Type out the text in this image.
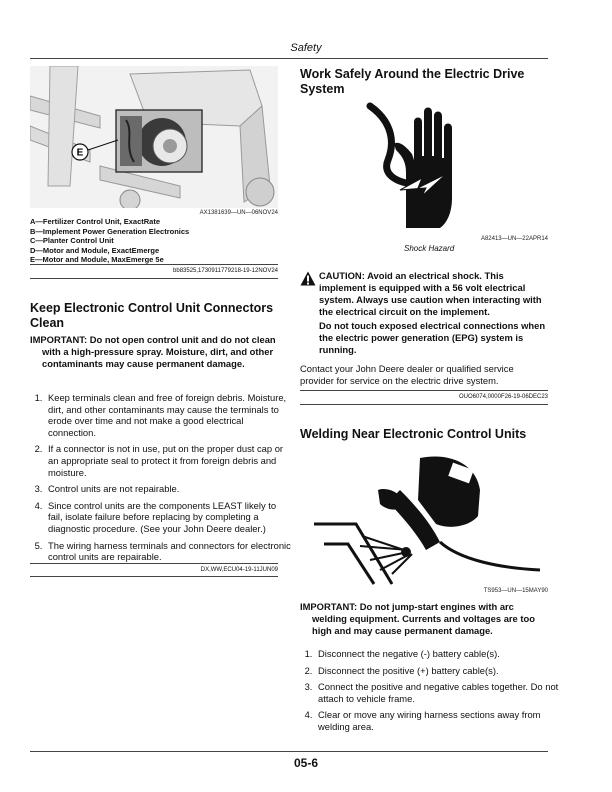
Safety
E
AX1381639—UN—06NOV24
A—Fertilizer Control Unit, ExactRate
B—Implement Power Generation Electronics
C—Planter Control Unit
D—Motor and Module, ExactEmerge
E—Motor and Module, MaxEmerge 5e
bb83525,1730911779218-19-12NOV24
Keep Electronic Control Unit Connectors Clean
IMPORTANT: Do not open control unit and do not clean with a high-pressure spray. Moisture, dirt, and other contaminants may cause permanent damage.
1. Keep terminals clean and free of foreign debris. Moisture, dirt, and other contaminants may cause the terminals to erode over time and not make a good electrical connection.
2. If a connector is not in use, put on the proper dust cap or an appropriate seal to protect it from foreign debris and moisture.
3. Control units are not repairable.
4. Since control units are the components LEAST likely to fail, isolate failure before replacing by completing a diagnostic procedure. (See your John Deere dealer.)
5. The wiring harness terminals and connectors for electronic control units are repairable.
DX,WW,ECU04-19-11JUN09
Work Safely Around the Electric Drive System
Shock Hazard
A82413—UN—22APR14
CAUTION: Avoid an electrical shock. This implement is equipped with a 56 volt electrical system. Always use caution when interacting with the electrical circuit on the implement.
Do not touch exposed electrical connections when the electric power generation (EPG) system is running.
Contact your John Deere dealer or qualified service provider for service on the electric drive system.
OUO6074,0000F26-19-06DEC23
Welding Near Electronic Control Units
TS953—UN—15MAY90
IMPORTANT: Do not jump-start engines with arc welding equipment. Currents and voltages are too high and may cause permanent damage.
1. Disconnect the negative (-) battery cable(s).
2. Disconnect the positive (+) battery cable(s).
3. Connect the positive and negative cables together. Do not attach to vehicle frame.
4. Clear or move any wiring harness sections away from welding area.
05-6
